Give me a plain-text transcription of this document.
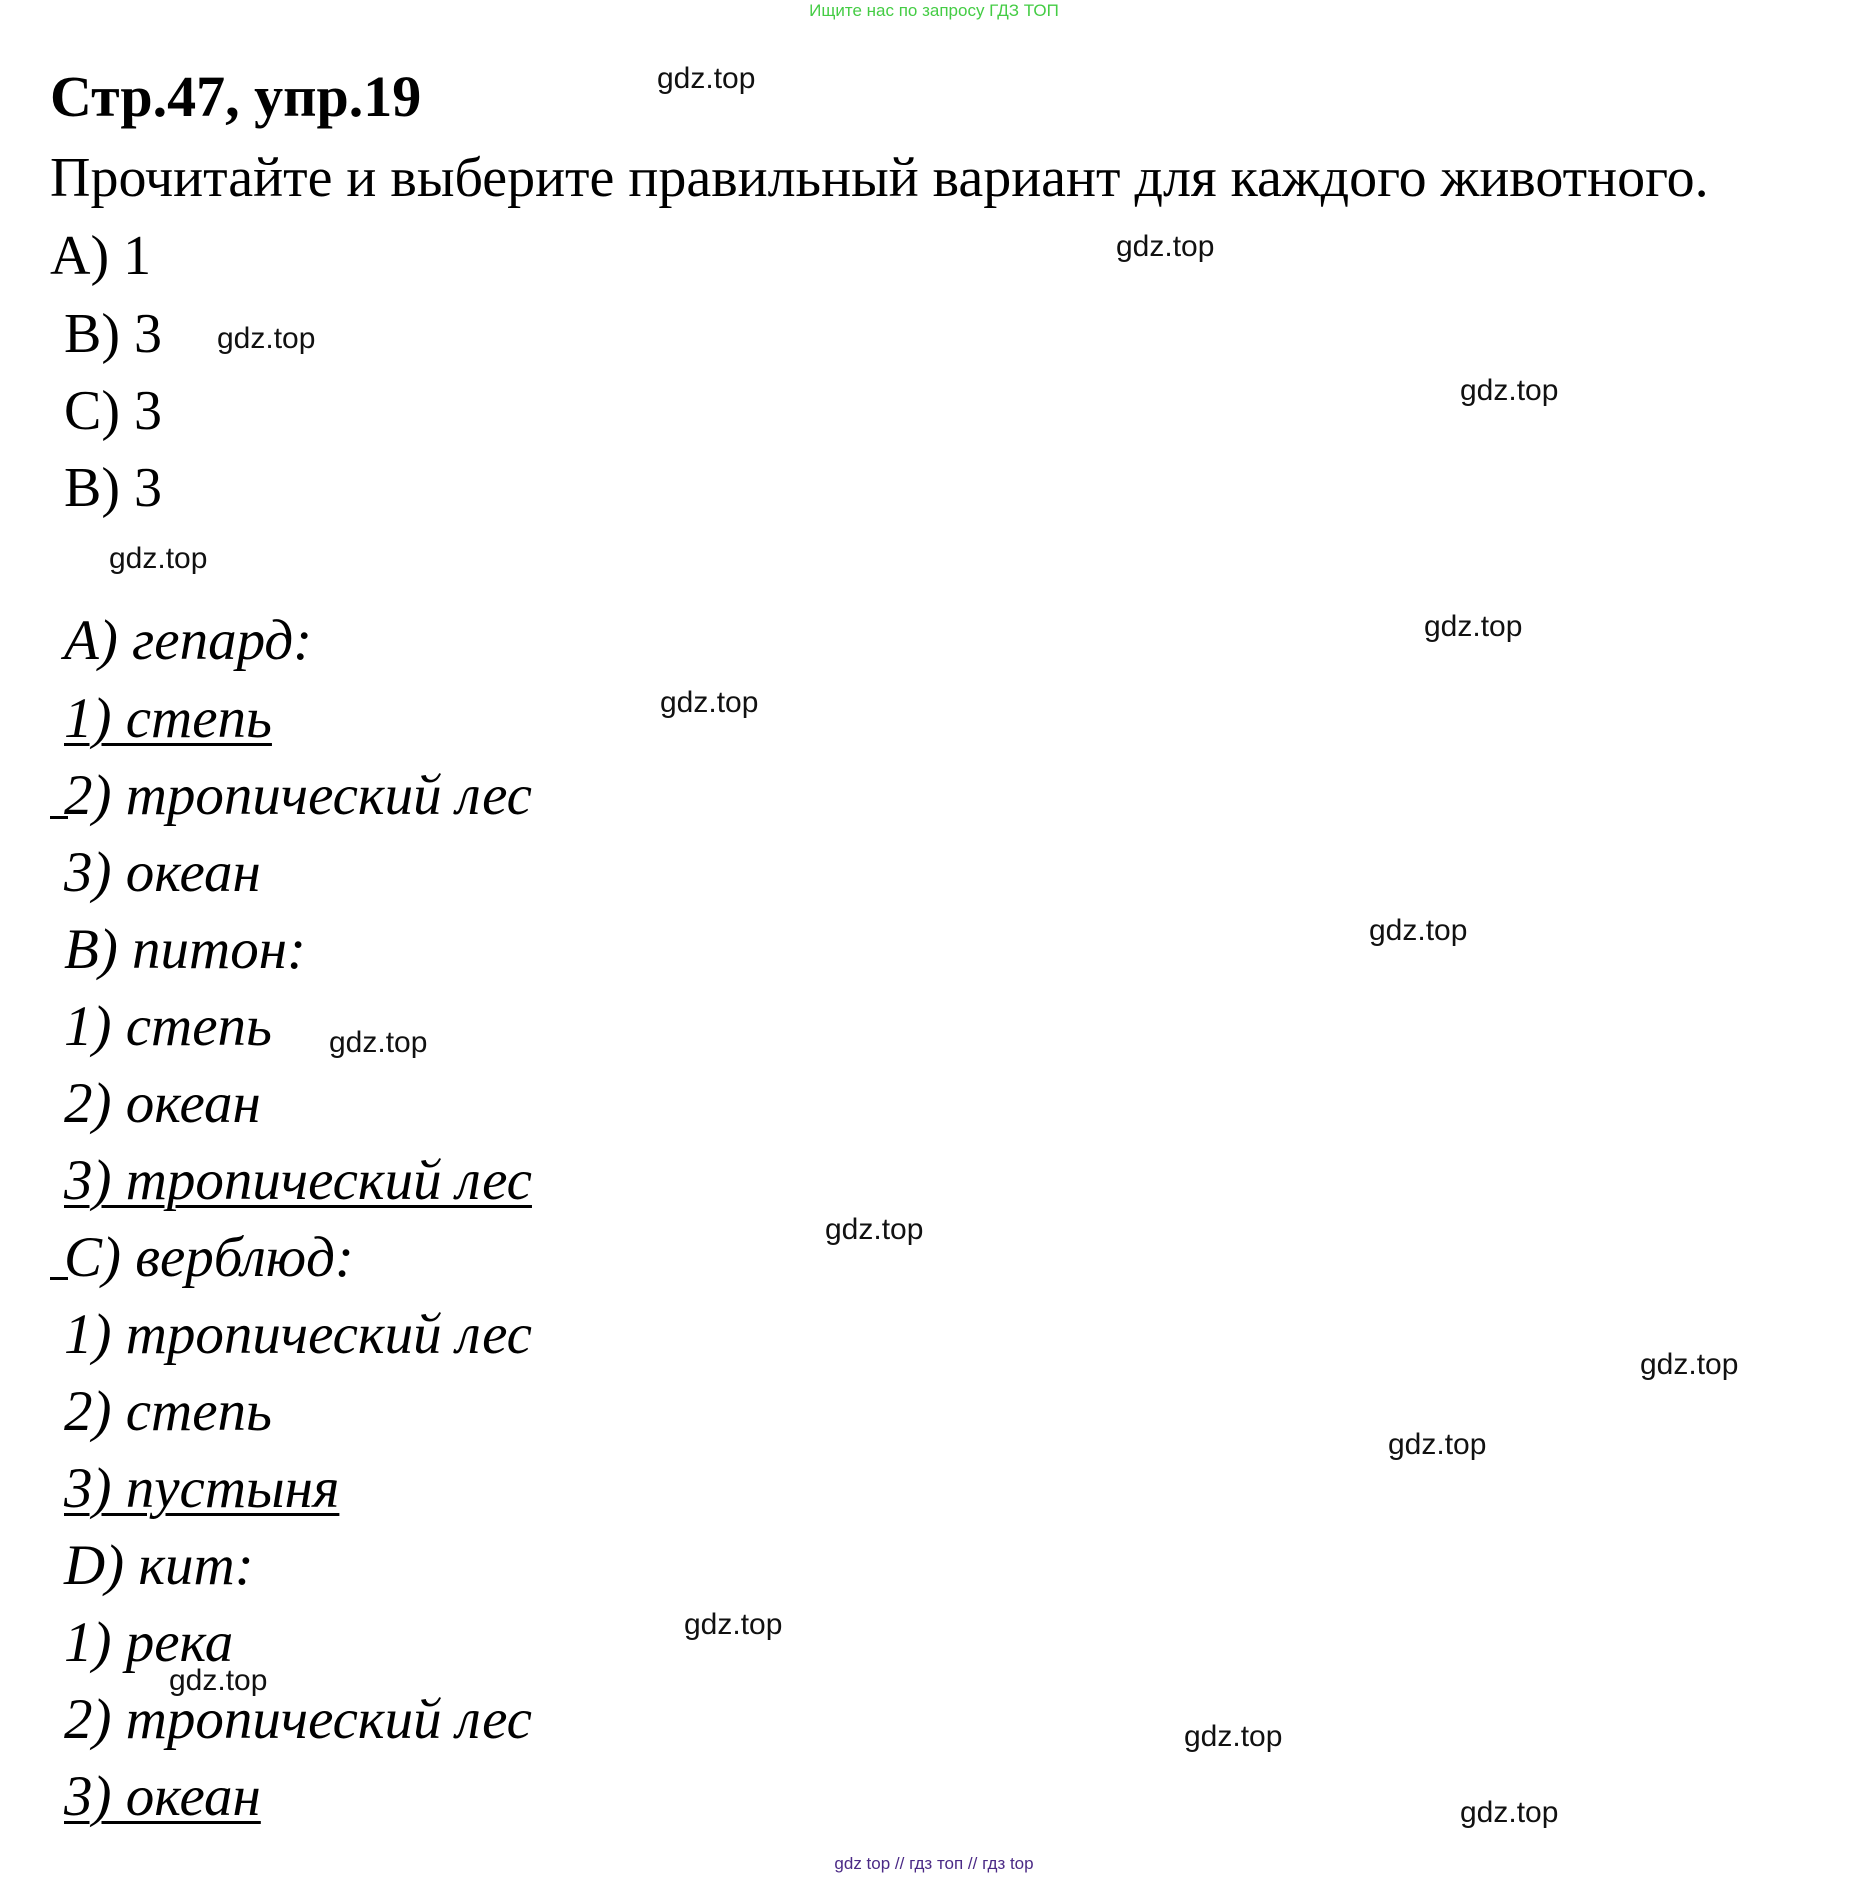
Ищите нас по запросу ГДЗ ТОП
Стр.47, упр.19
Прочитайте и выберите правильный вариант для каждого животного.
A) 1
B) 3
C) 3
B) 3
A) гепард:
1) степь
2) тропический лес
3) океан
B) питон:
1) степь
2) океан
3) тропический лес
C) верблюд:
1) тропический лес
2) степь
3) пустыня
D) кит:
1) река
2) тропический лес
3) океан
gdz.top
gdz.top
gdz.top
gdz.top
gdz.top
gdz.top
gdz.top
gdz.top
gdz.top
gdz.top
gdz.top
gdz.top
gdz.top
gdz.top
gdz.top
gdz.top
gdz top // гдз топ // гдз top
